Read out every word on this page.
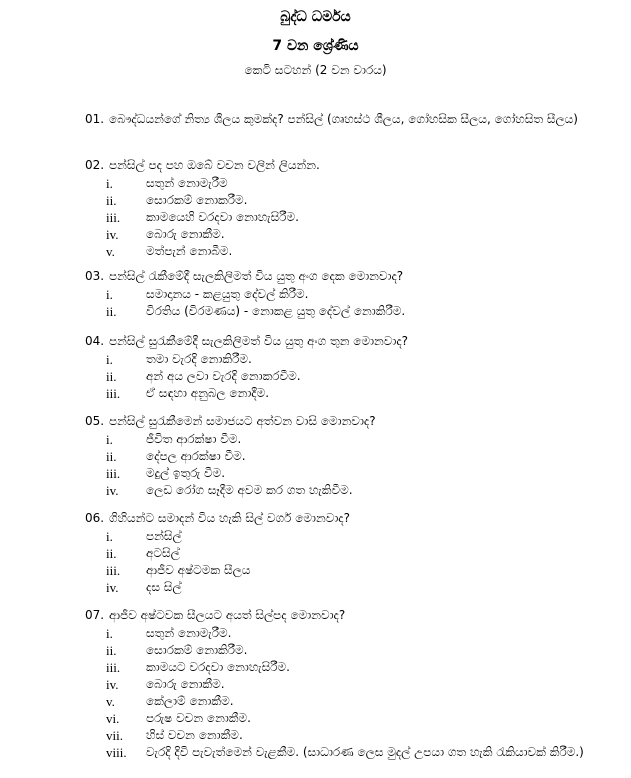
බුද්ධ ධර්මය
7 වන ශ්‍රේණිය
කෙටි සටහන් (2 වන වාරය)
01. බෞද්ධයන්ගේ නිත්‍ය ශීලය කුමක්ද? පන්සිල් (ගෘහස්ථ ශීලය, ගෝහසික සීලය, ගෝහසිත සීලය)
02. පන්සිල් පද පහ ඔබේ වචන වලින් ලියන්න.
i.	සතුන් නොමැරීම
ii. සොරකම් නොකරීම.
iii. කාමයෙහි වරදවා නොහැසිරීම.
iv. බොරු නොකීම.
v.	මත්පැන් නොබීම.
03. පන්සිල් රැකීමේදී සැලකිලිමත් විය යුතු අංග දෙක මොනවාද?
i.	සමාදානය - කළයුතු දේවල් කිරීම.
ii. විරතිය (විරමණය) - නොකළ යුතු දේවල් නොකිරීම.
04. පන්සිල් සුරැකීමේදී සැලකිලිමත් විය යුතු අංග තුන මොනවාද?
i.	තමා වැරදි නොකිරීම.
ii. අන් අය ලවා වැරදි නොකරවීම.
iii. ඒ සඳහා අනුබල නොදීම.
05. පන්සිල් සුරැකීමෙන් සමාජයට අත්වන වාසි මොනවාද?
i.	ජීවිත ආරක්ෂා වීම.
ii. දේපල ආරක්ෂා වීම.
iii. මදුල් ඉතුරු වීම.
iv. ලෙඩ රෝග සෑදීම අවම කර ගත හැකිවීම.
06. ගිහියන්ට සමාදන් විය හැකි සිල් වර්ග මොනවාද?
i.	පන්සිල්
ii. අටසිල්
iii. ආජීව අෂ්ටමක සීලය
iv. දස සිල්
07. ආජීව අෂ්ටවක සීලයට අයත් සිල්පද මොනවාද?
i.	සතුන් නොමැරීම.
ii. සොරකම් නොකිරීම.
iii. කාමයට වරදවා නොහැසිරීම.
iv. බොරු නොකීම.
v.	කේලාම් නොකීම.
vi. පරුෂ වචන නොකීම.
vii. හිස් වචන නොකීම.
viii. වැරදි දිවි පැවැත්මෙන් වැළකීම. (සාධාරණ ලෙස මුදල් උපයා ගත හැකි රැකියාවක් කිරීම.)
